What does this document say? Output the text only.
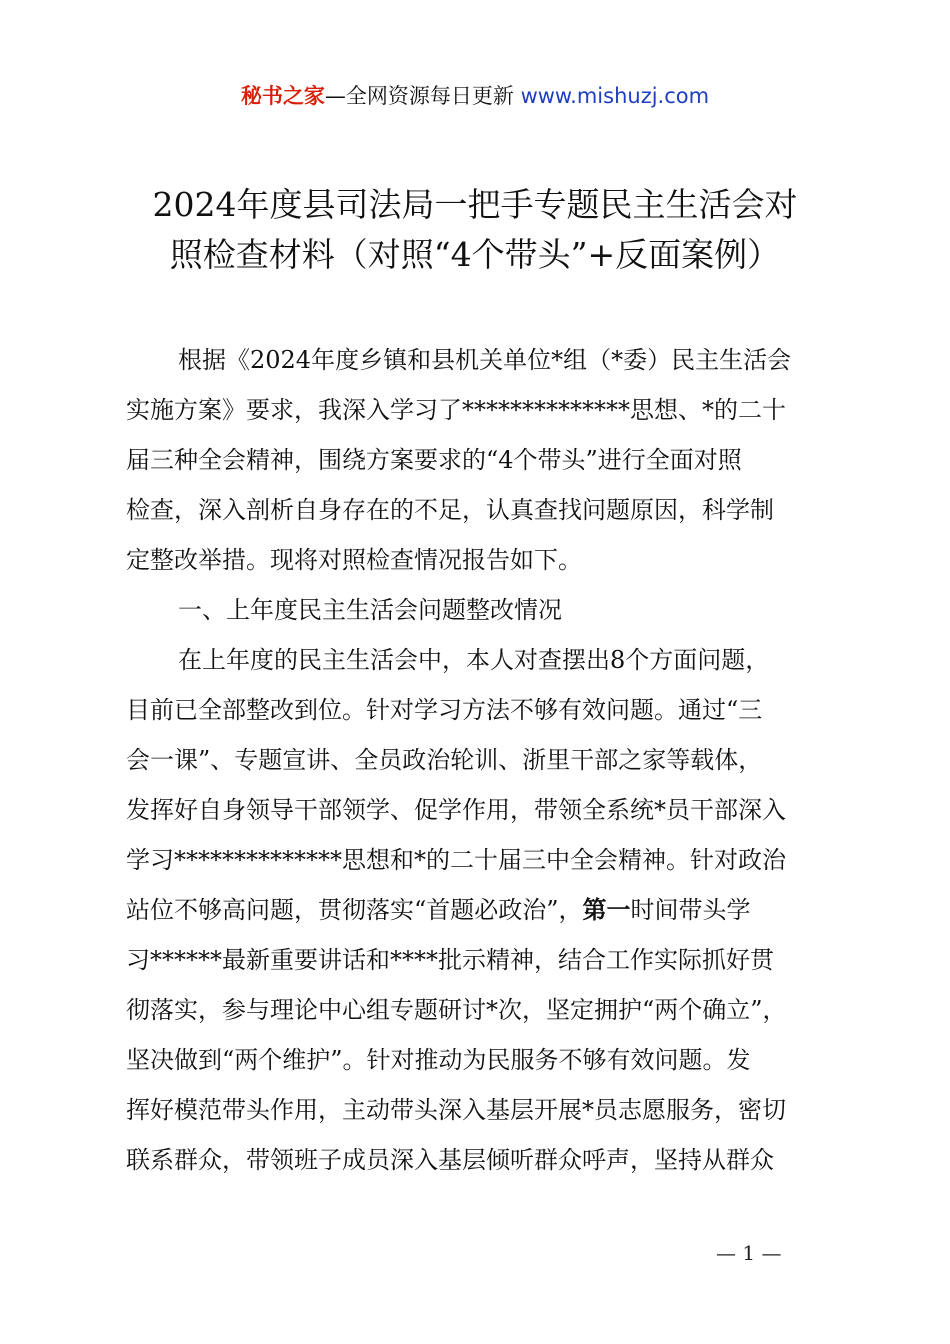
秘书之家—全网资源每日更新 www.mishuzj.com
2024年度县司法局一把手专题民主生活会对
照检查材料（对照“4个带头”+反面案例）
根据《2024年度乡镇和县机关单位*组（*委）民主生活会
实施方案》要求，我深入学习了**************思想、*的二十
届三种全会精神，围绕方案要求的“4个带头”进行全面对照
检查，深入剖析自身存在的不足，认真查找问题原因，科学制
定整改举措。现将对照检查情况报告如下。
一、上年度民主生活会问题整改情况
在上年度的民主生活会中，本人对查摆出8个方面问题，
目前已全部整改到位。针对学习方法不够有效问题。通过“三
会一课”、专题宣讲、全员政治轮训、浙里干部之家等载体，
发挥好自身领导干部领学、促学作用，带领全系统*员干部深入
学习**************思想和*的二十届三中全会精神。针对政治
站位不够高问题，贯彻落实“首题必政治”，第一时间带头学
习******最新重要讲话和****批示精神，结合工作实际抓好贯
彻落实，参与理论中心组专题研讨*次，坚定拥护“两个确立”，
坚决做到“两个维护”。针对推动为民服务不够有效问题。发
挥好模范带头作用，主动带头深入基层开展*员志愿服务，密切
联系群众，带领班子成员深入基层倾听群众呼声，坚持从群众
— 1 —
